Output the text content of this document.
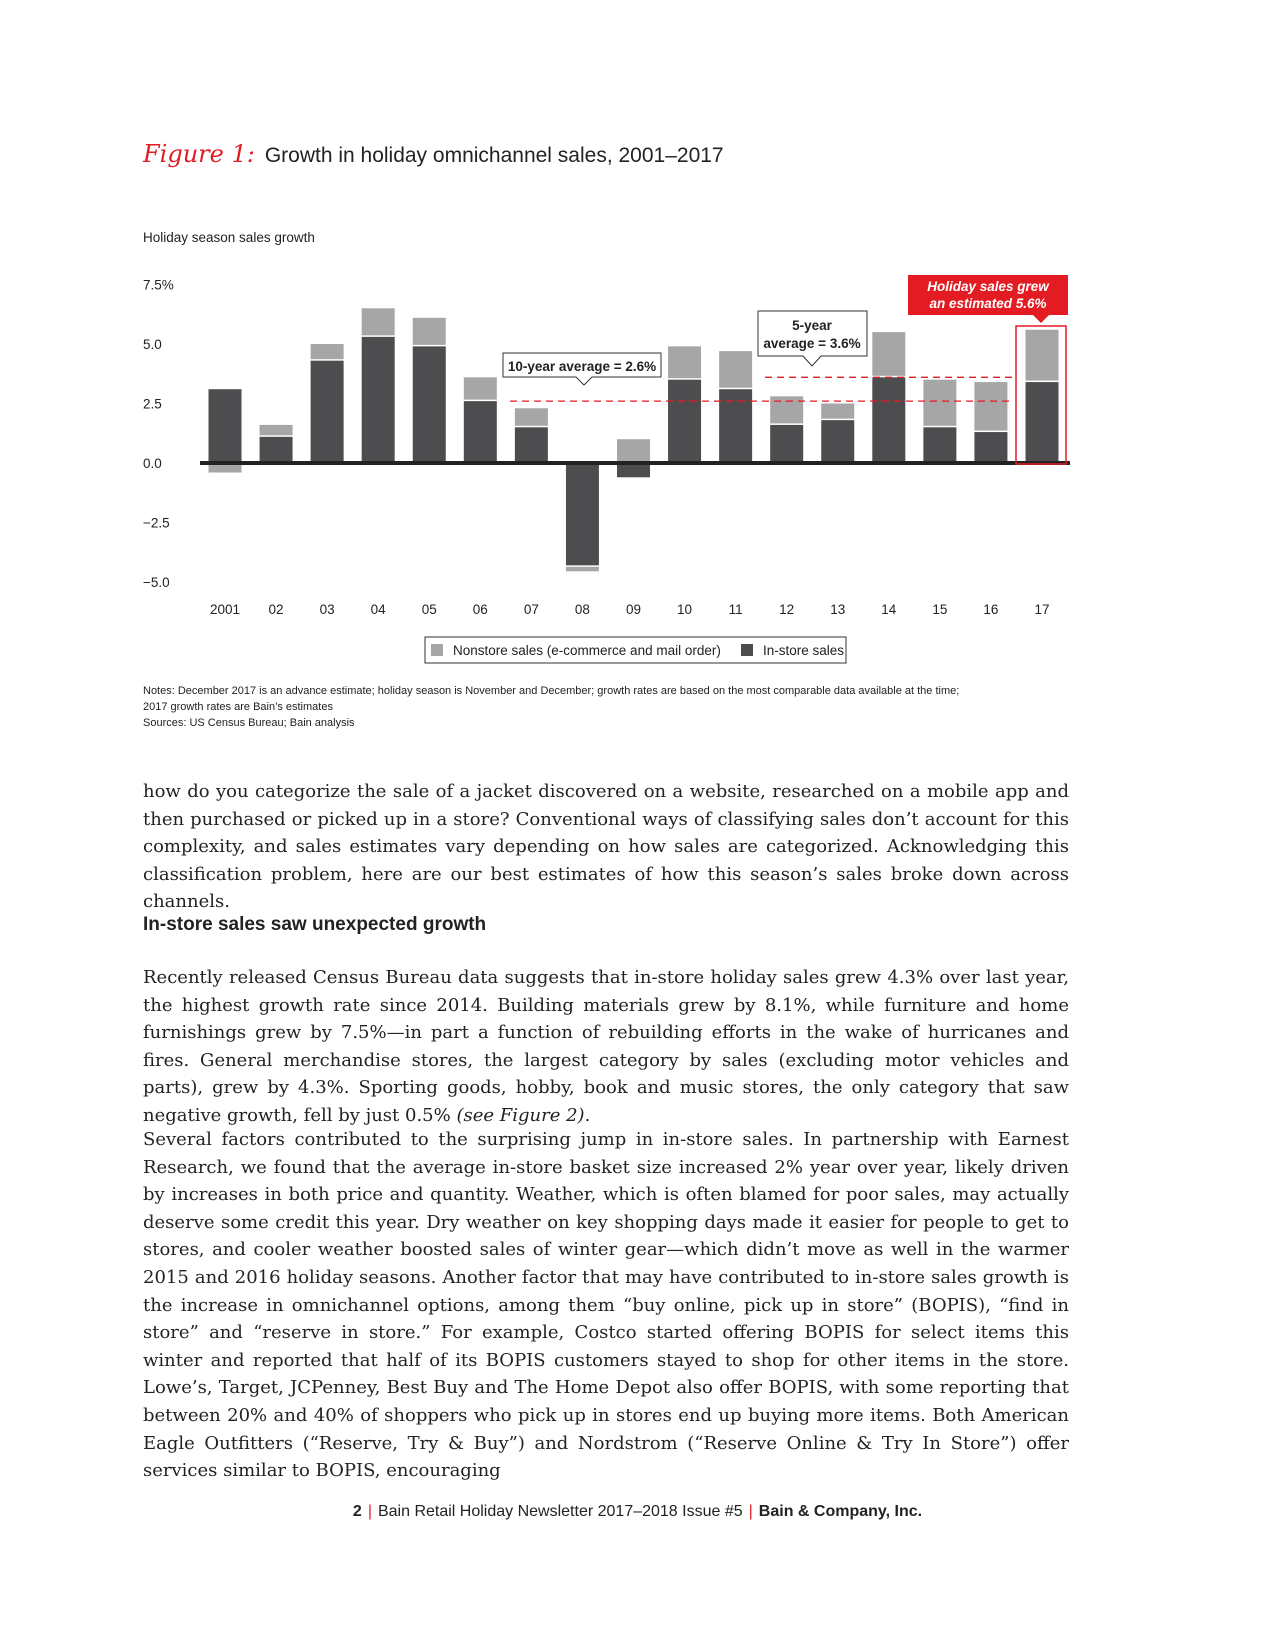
Figure 1: Growth in holiday omnichannel sales, 2001–2017
Holiday season sales growth
7.5%
5.0
2.5
0.0
−2.5
−5.0
2001 02	03	04	05	06	07	08	09	10	11	12	13	14	15	16	17
10-year average = 2.6%
5-year
average = 3.6%
Holiday sales grew
an estimated 5.6%
Nonstore sales (e-commerce and mail order)	In-store sales
Notes: December 2017 is an advance estimate; holiday season is November and December; growth rates are based on the most comparable data available at the time;
2017 growth rates are Bain’s estimates
Sources: US Census Bureau; Bain analysis
how do you categorize the sale of a jacket discovered on a website, researched on a mobile app and then purchased or picked up in a store? Conventional ways of classifying sales don’t account for this complexity, and sales estimates vary depending on how sales are categorized. Acknowledging this classification problem, here are our best estimates of how this season’s sales broke down across channels.
In-store sales saw unexpected growth
Recently released Census Bureau data suggests that in-store holiday sales grew 4.3% over last year, the highest growth rate since 2014. Building materials grew by 8.1%, while furniture and home furnishings grew by 7.5%—in part a function of rebuilding efforts in the wake of hurricanes and fires. General merchandise stores, the largest category by sales (excluding motor vehicles and parts), grew by 4.3%. Sporting goods, hobby, book and music stores, the only category that saw negative growth, fell by just 0.5% (see Figure 2).
Several factors contributed to the surprising jump in in-store sales. In partnership with Earnest Research, we found that the average in-store basket size increased 2% year over year, likely driven by increases in both price and quantity. Weather, which is often blamed for poor sales, may actually deserve some credit this year. Dry weather on key shopping days made it easier for people to get to stores, and cooler weather boosted sales of winter gear—which didn’t move as well in the warmer 2015 and 2016 holiday seasons. Another factor that may have contributed to in-store sales growth is the increase in omnichannel options, among them “buy online, pick up in store” (BOPIS), “find in store” and “reserve in store.” For example, Costco started offering BOPIS for select items this winter and reported that half of its BOPIS customers stayed to shop for other items in the store. Lowe’s, Target, JCPenney, Best Buy and The Home Depot also offer BOPIS, with some reporting that between 20% and 40% of shoppers who pick up in stores end up buying more items. Both American Eagle Outfitters (“Reserve, Try & Buy”) and Nordstrom (“Reserve Online & Try In Store”) offer services similar to BOPIS, encouraging
2 | Bain Retail Holiday Newsletter 2017–2018 Issue #5 | Bain & Company, Inc.
